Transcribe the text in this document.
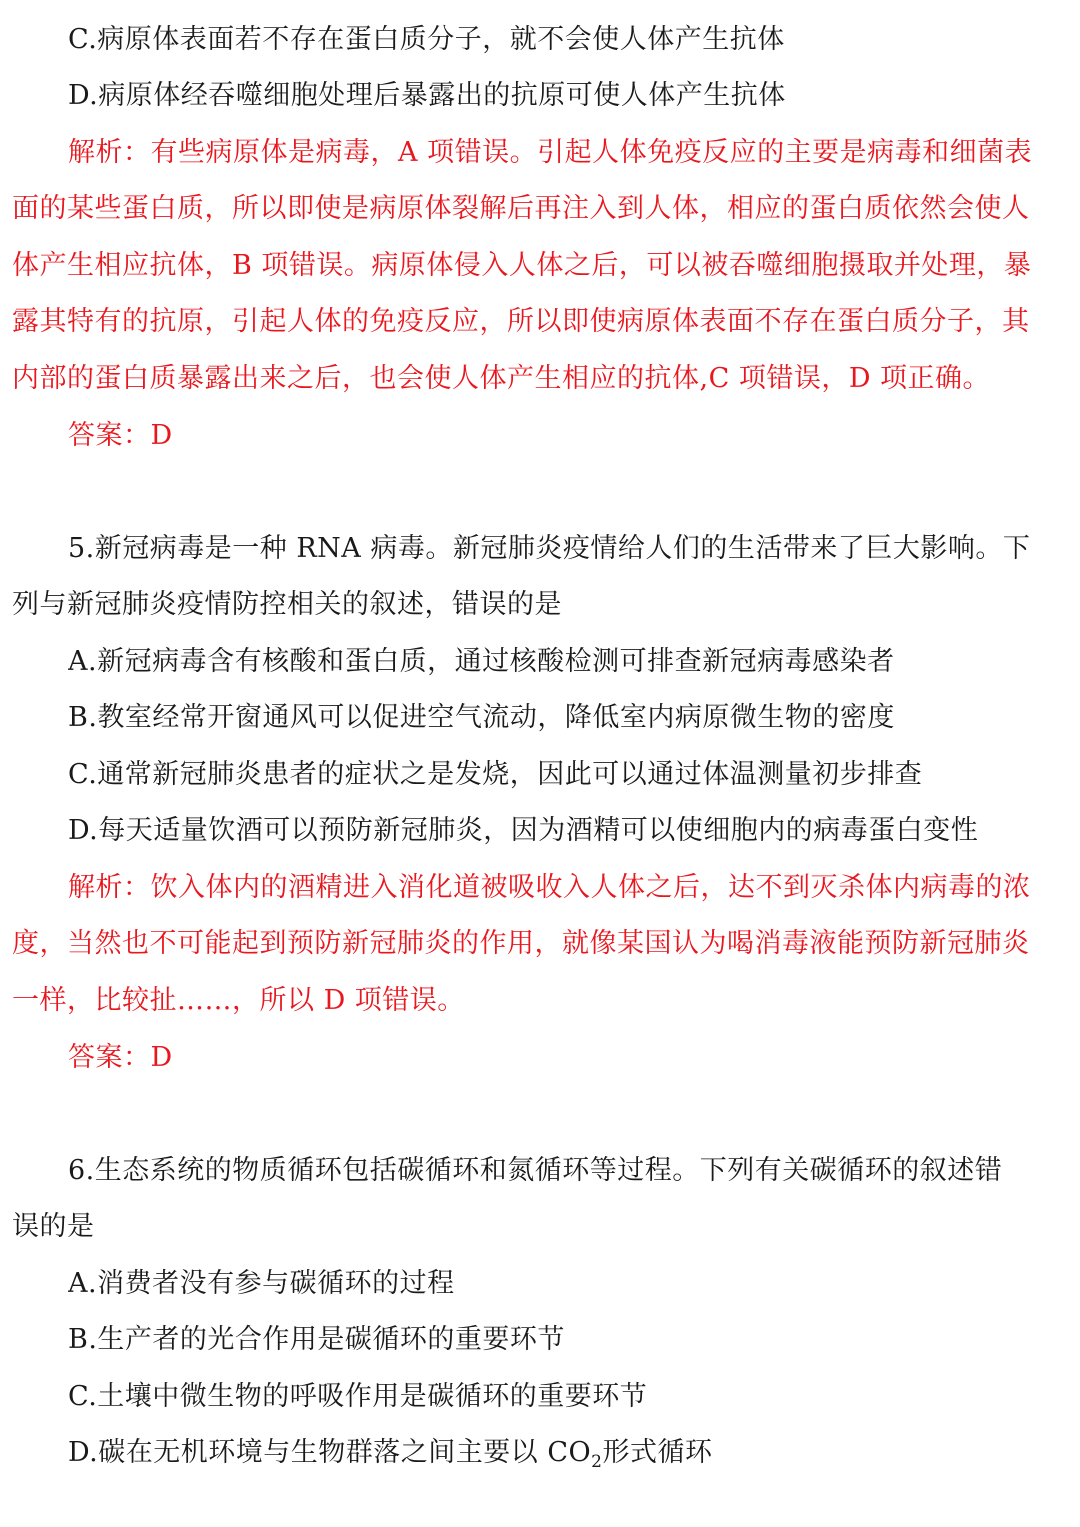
C.病原体表面若不存在蛋白质分子，就不会使人体产生抗体
D.病原体经吞噬细胞处理后暴露出的抗原可使人体产生抗体
解析：有些病原体是病毒，A 项错误。引起人体免疫反应的主要是病毒和细菌表
面的某些蛋白质，所以即使是病原体裂解后再注入到人体，相应的蛋白质依然会使人
体产生相应抗体，B 项错误。病原体侵入人体之后，可以被吞噬细胞摄取并处理，暴
露其特有的抗原，引起人体的免疫反应，所以即使病原体表面不存在蛋白质分子，其
内部的蛋白质暴露出来之后，也会使人体产生相应的抗体,C 项错误，D 项正确。
答案：D
5.新冠病毒是一种 RNA 病毒。新冠肺炎疫情给人们的生活带来了巨大影响。下
列与新冠肺炎疫情防控相关的叙述，错误的是
A.新冠病毒含有核酸和蛋白质，通过核酸检测可排查新冠病毒感染者
B.教室经常开窗通风可以促进空气流动，降低室内病原微生物的密度
C.通常新冠肺炎患者的症状之是发烧，因此可以通过体温测量初步排查
D.每天适量饮酒可以预防新冠肺炎，因为酒精可以使细胞内的病毒蛋白变性
解析：饮入体内的酒精进入消化道被吸收入人体之后，达不到灭杀体内病毒的浓
度，当然也不可能起到预防新冠肺炎的作用，就像某国认为喝消毒液能预防新冠肺炎
一样，比较扯……，所以 D 项错误。
答案：D
6.生态系统的物质循环包括碳循环和氮循环等过程。下列有关碳循环的叙述错
误的是
A.消费者没有参与碳循环的过程
B.生产者的光合作用是碳循环的重要环节
C.土壤中微生物的呼吸作用是碳循环的重要环节
D.碳在无机环境与生物群落之间主要以 $CO_2$形式循环
